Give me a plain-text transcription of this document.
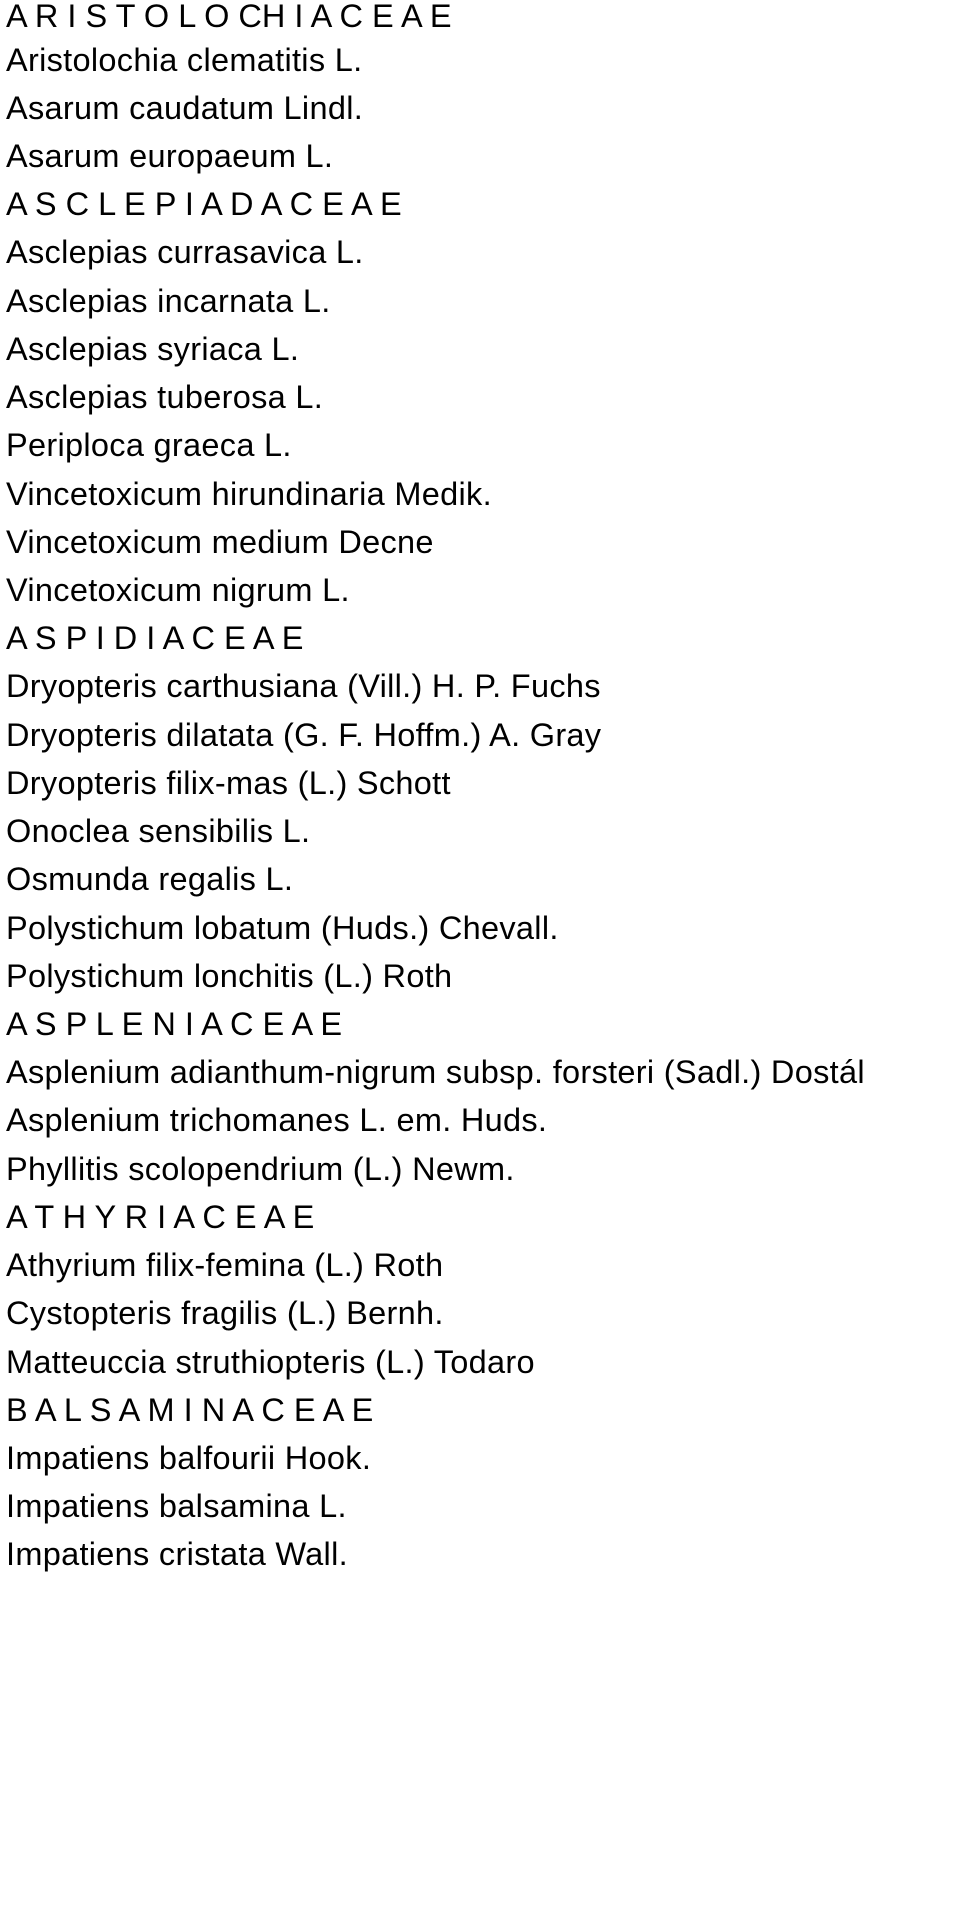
A R I S T O L O CH I A C E A E
Aristolochia clematitis L.
Asarum caudatum Lindl.
Asarum europaeum L.
A S C L E P I A D A C E A E
Asclepias currasavica L.
Asclepias incarnata L.
Asclepias syriaca L.
Asclepias tuberosa L.
Periploca graeca L.
Vincetoxicum hirundinaria Medik.
Vincetoxicum medium Decne
Vincetoxicum nigrum L.
A S P I D I A C E A E
Dryopteris carthusiana (Vill.) H. P. Fuchs
Dryopteris dilatata (G. F. Hoffm.) A. Gray
Dryopteris filix-mas (L.) Schott
Onoclea sensibilis L.
Osmunda regalis L.
Polystichum lobatum (Huds.) Chevall.
Polystichum lonchitis (L.) Roth
A S P L E N I A C E A E
Asplenium adianthum-nigrum subsp. forsteri (Sadl.) Dostál
Asplenium trichomanes L. em. Huds.
Phyllitis scolopendrium (L.) Newm.
A T H Y R I A C E A E
Athyrium filix-femina (L.) Roth
Cystopteris fragilis (L.) Bernh.
Matteuccia struthiopteris (L.) Todaro
B A L S A M I N A C E A E
Impatiens balfourii Hook.
Impatiens balsamina L.
Impatiens cristata Wall.
